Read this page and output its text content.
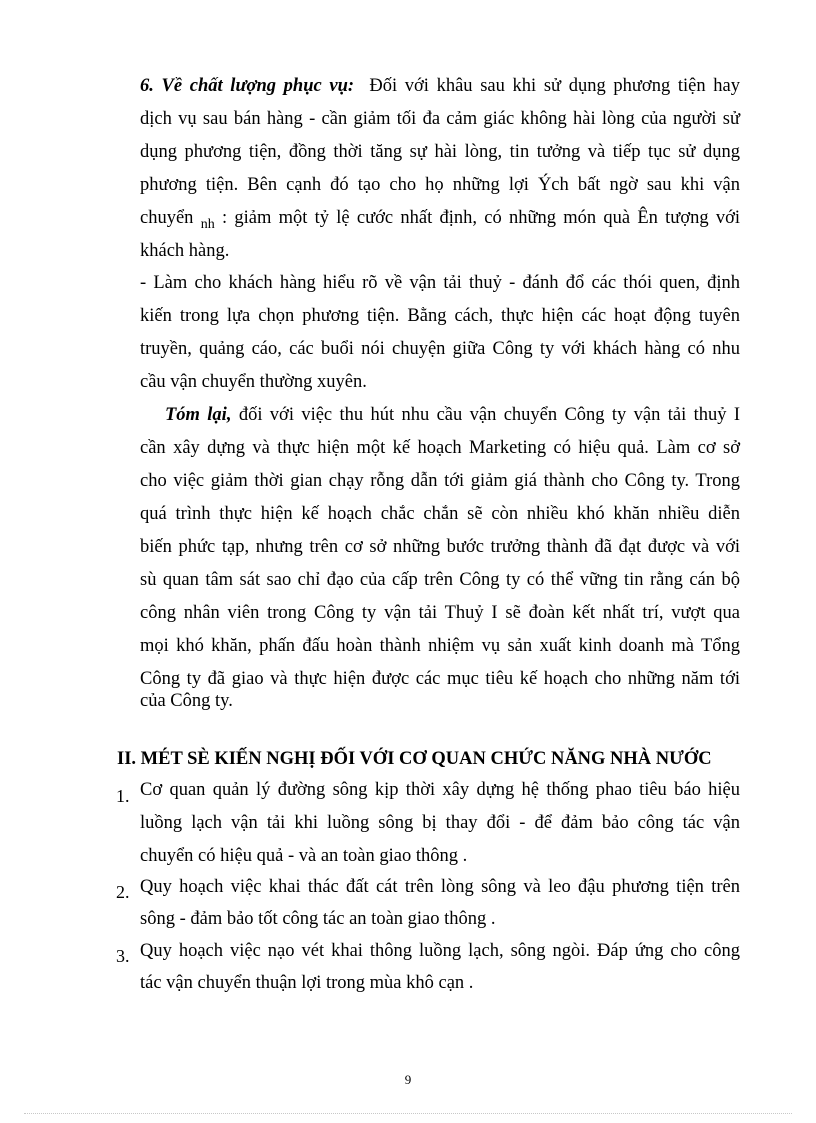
6. Về chất lượng phục vụ: Đối với khâu sau khi sử dụng phương tiện hay
dịch vụ sau bán hàng - cần giảm tối đa cảm giác không hài lòng của người sử
dụng phương tiện, đồng thời tăng sự hài lòng, tin tưởng và tiếp tục sử dụng
phương tiện. Bên cạnh đó tạo cho họ những lợi Ých bất ngờ sau khi vận
chuyển $_{nh}$ : giảm một tỷ lệ cước nhất định, có những món quà Ên tượng với
khách hàng.
- Làm cho khách hàng hiểu rõ về vận tải thuỷ - đánh đổ các thói quen, định
kiến trong lựa chọn phương tiện. Bằng cách, thực hiện các hoạt động tuyên
truyền, quảng cáo, các buổi nói chuyện giữa Công ty với khách hàng có nhu
cầu vận chuyển thường xuyên.
Tóm lại, đối với việc thu hút nhu cầu vận chuyển Công ty vận tải thuỷ I
cần xây dựng và thực hiện một kế hoạch Marketing có hiệu quả. Làm cơ sở
cho việc giảm thời gian chạy rỗng dẫn tới giảm giá thành cho Công ty. Trong
quá trình thực hiện kế hoạch chắc chắn sẽ còn nhiều khó khăn nhiều diễn
biến phức tạp, nhưng trên cơ sở những bước trưởng thành đã đạt được và với
sù quan tâm sát sao chỉ đạo của cấp trên Công ty có thể vững tin rằng cán bộ
công nhân viên trong Công ty vận tải Thuỷ I sẽ đoàn kết nhất trí, vượt qua
mọi khó khăn, phấn đấu hoàn thành nhiệm vụ sản xuất kinh doanh mà Tổng
Công ty đã giao và thực hiện được các mục tiêu kế hoạch cho những năm tới
của Công ty.
II. MÉT SÈ KIẾN NGHỊ ĐỐI VỚI CƠ QUAN CHỨC NĂNG NHÀ NƯỚC
1. Cơ quan quản lý đường sông kịp thời xây dựng hệ thống phao tiêu báo hiệu
luồng lạch vận tải khi luồng sông bị thay đổi - để đảm bảo công tác vận
chuyển có hiệu quả - và an toàn giao thông .
2. Quy hoạch việc khai thác đất cát trên lòng sông và leo đậu phương tiện trên
sông - đảm bảo tốt công tác an toàn giao thông .
3. Quy hoạch việc nạo vét khai thông luồng lạch, sông ngòi. Đáp ứng cho công
tác vận chuyển thuận lợi trong mùa khô cạn .
9
